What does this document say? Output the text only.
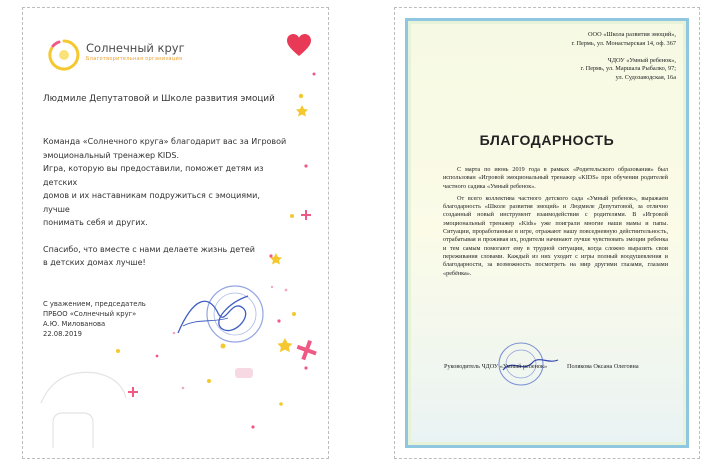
Солнечный круг
Благотворительная организация
Людмиле Депутатовой и Школе развития эмоций

Команда «Солнечного круга» благодарит вас за Игровой

эмоциональный тренажер KIDS.

Игра, которую вы предоставили, поможет детям из детских

домов и их наставникам подружиться с эмоциями, лучше

понимать себя и других.

Спасибо, что вместе с нами делаете жизнь детей

в детских домах лучше!

С уважением, председатель
ПРБОО «Солнечный круг»
А.Ю. Милованова
22.08.2019
ООО «Школа развития эмоций»,
г. Пермь, ул. Монастырская 14, оф. 367
ЧДОУ «Умный ребенок»,
г. Пермь, ул. Маршала Рыбалко, 97;
ул. Судозаводская, 16а
БЛАГОДАРНОСТЬ

С марта по июнь 2019 года в рамках «Родительского образования» был использован «Игровой эмоциональный тренажер «KIDS» при обучении родителей частного садика «Умный ребенок».

От всего коллектива частного детского сада «Умный ребенок», выражаем благодарность «Школе развития эмоций» и Людмиле Депутатовой, за отлично созданный новый инструмент взаимодействия с родителями. В «Игровой эмоциональный тренажер «Kids» уже поиграли многие наши мамы и папы. Ситуации, проработанные в игре, отражают нашу повседневную действительность, отрабатывая и проживая их, родители начинают лучше чувствовать эмоции ребенка и тем самым помогают ему в трудной ситуации, когда сложно выразить свои переживания словами. Каждый из них уходит с игры полный воодушевления и благодарности, за возможность посмотреть на мир другими глазами, глазами «ребёнка».

Руководитель ЧДОУ «Умный ребенок»	Полякова Оксана Олеговна
